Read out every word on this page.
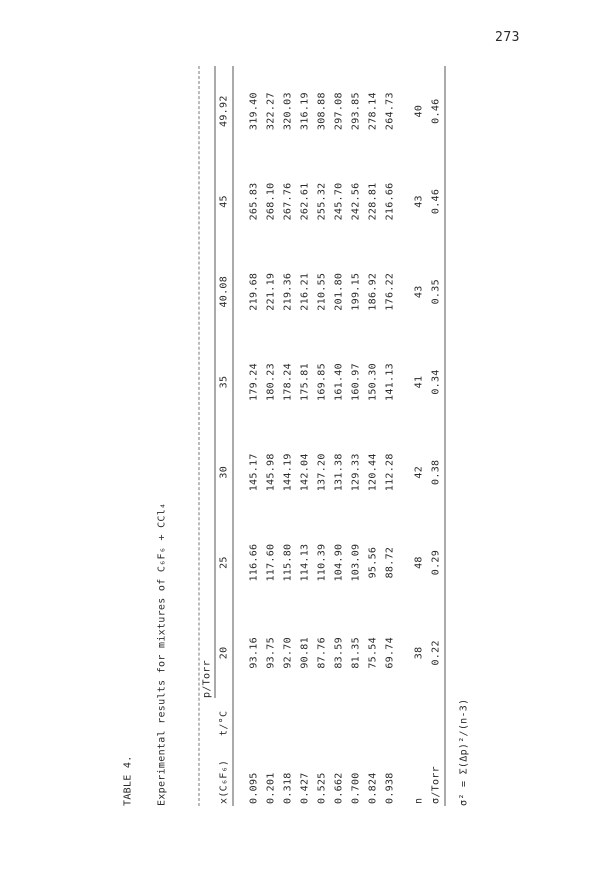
273
TABLE 4.	Experimental results for mixtures of C₆F₆ + CCl₄
			p/Torr						
x(C₆F₆)	t/°C	20	25	30	35	40.08	45	49.92

0.095		93.16	116.66	145.17	179.24	219.68	265.83	319.40
0.201		93.75	117.60	145.98	180.23	221.19	268.10	322.27
0.318		92.70	115.80	144.19	178.24	219.36	267.76	320.03
0.427		90.81	114.13	142.04	175.81	216.21	262.61	316.19
0.525		87.76	110.39	137.20	169.85	210.55	255.32	308.88
0.662		83.59	104.90	131.38	161.40	201.80	245.70	297.08
0.700		81.35	103.09	129.33	160.97	199.15	242.56	293.85
0.824		75.54	95.56	120.44	150.30	186.92	228.81	278.14
0.938		69.74	88.72	112.28	141.13	176.22	216.66	264.73

n		38	48	42	41	43	43	40
σ/Torr		0.22	0.29	0.38	0.34	0.35	0.46	0.46
σ² = Σ(Δp)²/(n-3)
